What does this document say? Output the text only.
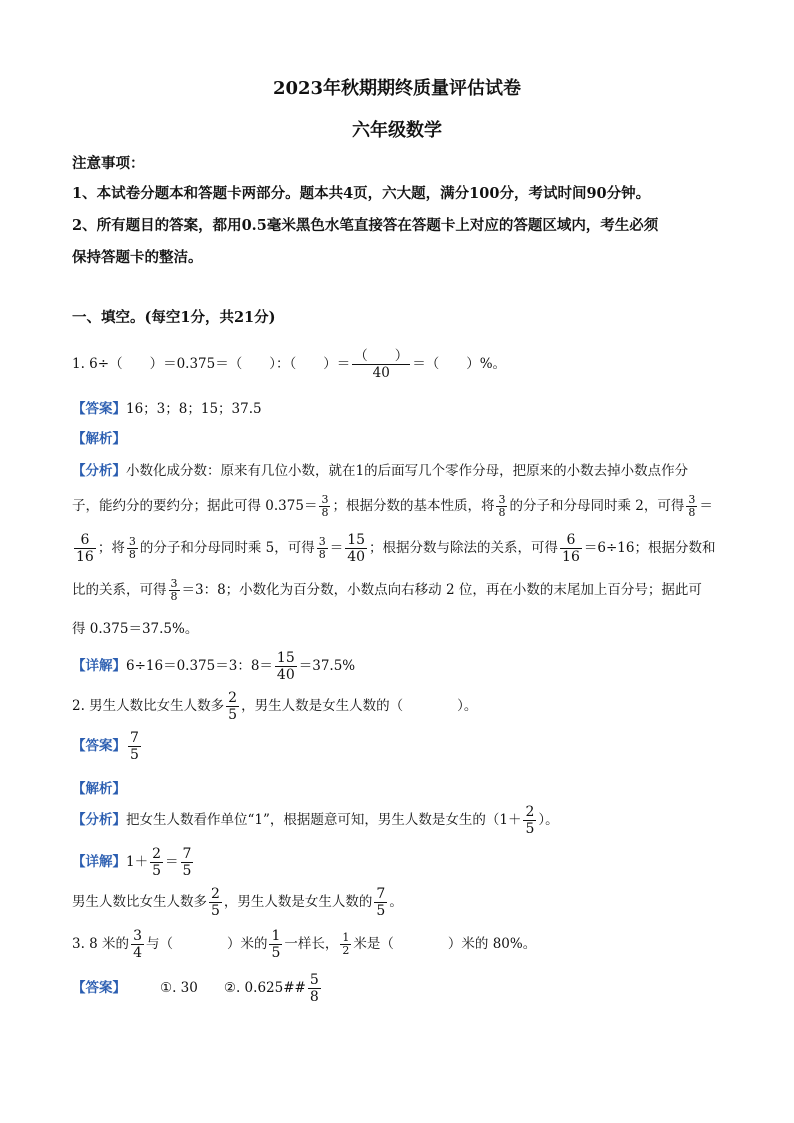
2023年秋期期终质量评估试卷
六年级数学
注意事项：
1、本试卷分题本和答题卡两部分。题本共4页，六大题，满分100分，考试时间90分钟。
2、所有题目的答案，都用0.5毫米黑色水笔直接答在答题卡上对应的答题区域内，考生必须
保持答题卡的整洁。
一、填空。(每空1分，共21分)
1. 6÷（　　）＝0.375＝（　　）：（　　）＝ $\frac{( )}{40}$ ＝（　　）%。
【答案】16；3；8；15；37.5
【解析】
【分析】小数化成分数：原来有几位小数，就在1的后面写几个零作分母，把原来的小数去掉小数点作分
子，能约分的要约分；据此可得 $0.375= \frac{3}{8}$ ；根据分数的基本性质，将 $\frac{3}{8}$ 的分子和分母同时乘 2，可得 $\frac{3}{8}$ ＝
$\frac{6}{16}$ ；将 $\frac{3}{8}$ 的分子和分母同时乘 5，可得 $\frac{3}{8} = \frac{15}{40}$ ；根据分数与除法的关系，可得 $\frac{6}{16} =6\div 16$；根据分数和
比的关系，可得 $\frac{3}{8} =3$：8；小数化为百分数，小数点向右移动 2 位，再在小数的末尾加上百分号；据此可
得 0.375＝37.5%。
【详解】6÷16＝0.375＝3：$8= \frac{15}{40} =37.5\%$
2. 男生人数比女生人数多 $\frac{2}{5}$ ，男生人数是女生人数的（　　　　）。
【答案】 $\frac{7}{5}$
【解析】
【分析】把女生人数看作单位“1”，根据题意可知，男生人数是女生的（$1+ \frac{2}{5}$ ）。
【详解】$1+ \frac{2}{5} = \frac{7}{5}$
男生人数比女生人数多 $\frac{2}{5}$ ，男生人数是女生人数的 $\frac{7}{5}$ 。
3. 8 米的 $\frac{3}{4}$ 与（　　　　）米的 $\frac{1}{5}$ 一样长， $\frac{1}{2}$ 米是（　　　　）米的 80%。
【答案】	①. 30 ②. 0.625## $\frac{5}{8}$
